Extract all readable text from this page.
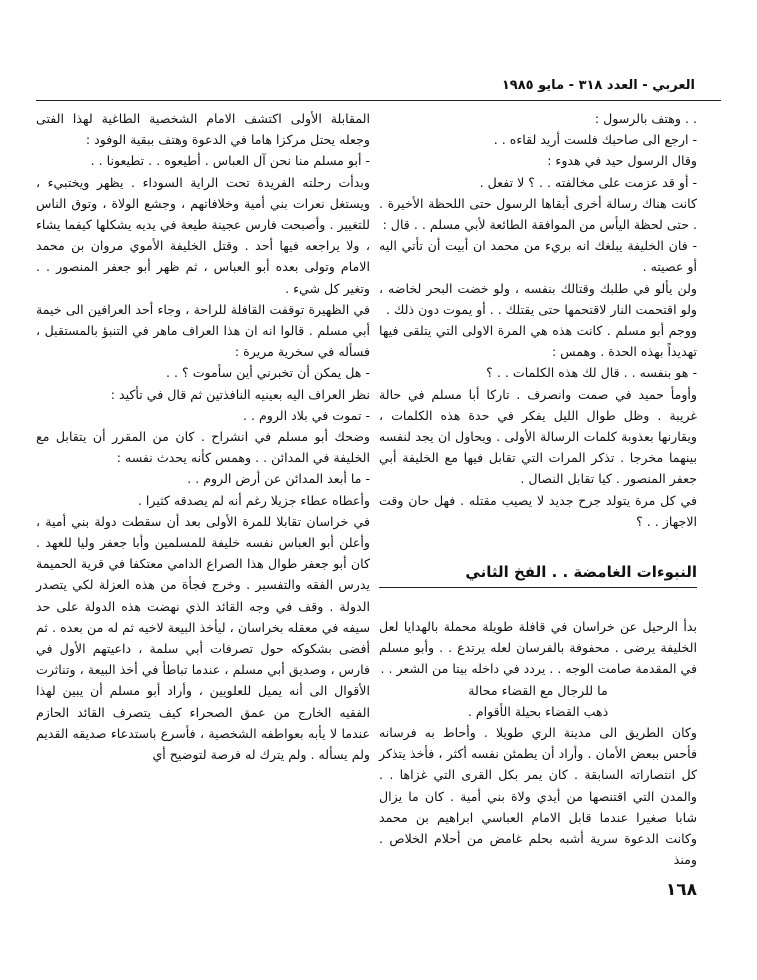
العربي - العدد ٣١٨ - مايو ١٩٨٥

. . وهتف بالرسول :

- ارجع الى صاحبك فلست أريد لقاءه . .

وقال الرسول حيد في هدوء :

- أو قد عزمت على مخالفته . . ؟ لا تفعل .

كانت هناك رسالة أخرى أبقاها الرسول حتى اللحظة الأخيرة . . حتى لحظة اليأس من الموافقة الطائعة لأبي مسلم . . قال :

- فان الخليفة يبلغك انه بريء من محمد ان أبيت أن تأتي اليه أو عصيته .

ولن يألو في طلبك وقتالك بنفسه ، ولو خضت البحر لخاضه ، ولو اقتحمت النار لاقتحمها حتى يقتلك . . أو يموت دون ذلك .

ووجم أبو مسلم . كانت هذه هي المرة الاولى التي يتلقى فيها تهديداً بهذه الحدة . وهمس :

- هو بنفسه . . قال لك هذه الكلمات . . ؟

وأومأ حميد في صمت وانصرف . تاركا أبا مسلم في حالة غريبة . وظل طوال الليل يفكر في حدة هذه الكلمات ، ويقارنها بعذوبة كلمات الرسالة الأولى . ويحاول ان يجد لنفسه بينهما مخرجا . تذكر المرات التي تقابل فيها مع الخليفة أبي جعفر المنصور . كيا تقابل النصال .

في كل مرة يتولد جرح جديد لا يصيب مقتله . فهل حان وقت الاجهاز . . ؟

النبوءات الغامضة . . الفخ الثاني

بدأ الرحيل عن خراسان في قافلة طويلة محملة بالهدايا لعل الخليفة يرضى . محفوفة بالفرسان لعله يرتدع . . وأبو مسلم في المقدمة صامت الوجه . . يردد في داخله بيتا من الشعر . .

ما للرجال مع القضاء محالة

ذهب القضاء بحيلة الأقوام .

وكان الطريق الى مدينة الري طويلا . وأحاط به فرسانه فأحس ببعض الأمان . وأراد أن يطمئن نفسه أكثر ، فأخذ يتذكر كل انتصاراته السابقة . كان يمر بكل القرى التي غزاها . . والمدن التي اقتنصها من أيدي ولاة بني أمية . كان ما يزال شابا صغيرا عندما قابل الامام العباسي ابراهيم بن محمد وكانت الدعوة سرية أشبه بحلم غامض من أحلام الخلاص . ومنذ

المقابلة الأولى اكتشف الامام الشخصية الطاغية لهذا الفتى وجعله يحتل مركزا هاما في الدعوة وهتف ببقية الوفود :

- أبو مسلم منا نحن آل العباس . أطيعوه . . تطيعونا . .

وبدأت رحلته الفريدة تحت الراية السوداء . يظهر ويختبيء ، ويستغل نعرات بني أمية وخلافاتهم ، وجشع الولاة ، وتوق الناس للتغيير . وأصبحت فارس عجينة طيعة في يديه يشكلها كيفما يشاء ، ولا يراجعه فيها أحد . وقتل الخليفة الأموي مروان بن محمد الامام وتولى بعده أبو العباس ، ثم ظهر أبو جعفر المنصور . . وتغير كل شيء .

في الظهيرة توقفت القافلة للراحة ، وجاء أحد العرافين الى خيمة أبي مسلم . قالوا انه ان هذا العراف ماهر في التنبؤ بالمستقبل ، فسأله في سخرية مريرة :

- هل يمكن أن تخبرني أين سأموت ؟ . .

نظر العراف اليه بعينيه النافذتين ثم قال في تأكيد :

- تموت في بلاد الروم . .

وضحك أبو مسلم في انشراح . كان من المقرر أن يتقابل مع الخليفة في المدائن . . وهمس كأنه يحدث نفسه :

- ما أبعد المدائن عن أرض الروم . .

وأعطاه عطاء جزيلا رغم أنه لم يصدقه كثيرا .

في خراسان تقابلا للمرة الأولى بعد أن سقطت دولة بني أمية ، وأعلن أبو العباس نفسه خليفة للمسلمين وأبا جعفر وليا للعهد . كان أبو جعفر طوال هذا الصراع الدامي معتكفا في قرية الحميمة يدرس الفقه والتفسير . وخرج فجأة من هذه العزلة لكي يتصدر الدولة . وقف في وجه القائد الذي نهضت هذه الدولة على حد سيفه في معقله بخراسان ، ليأخذ البيعة لاخيه ثم له من بعده . ثم أفضى بشكوكه حول تصرفات أبي سلمة ، داعيتهم الأول في فارس ، وصديق أبي مسلم ، عندما تباطأ في أخذ البيعة ، وتناثرت الأقوال الى أنه يميل للعلويين ، وأراد أبو مسلم أن يبين لهذا الفقيه الخارج من عمق الصحراء كيف يتصرف القائد الحازم عندما لا يأبه بعواطفه الشخصية ، فأسرع باستدعاء صديقه القديم ولم يسأله . ولم يترك له فرصة لتوضيح أي

١٦٨
